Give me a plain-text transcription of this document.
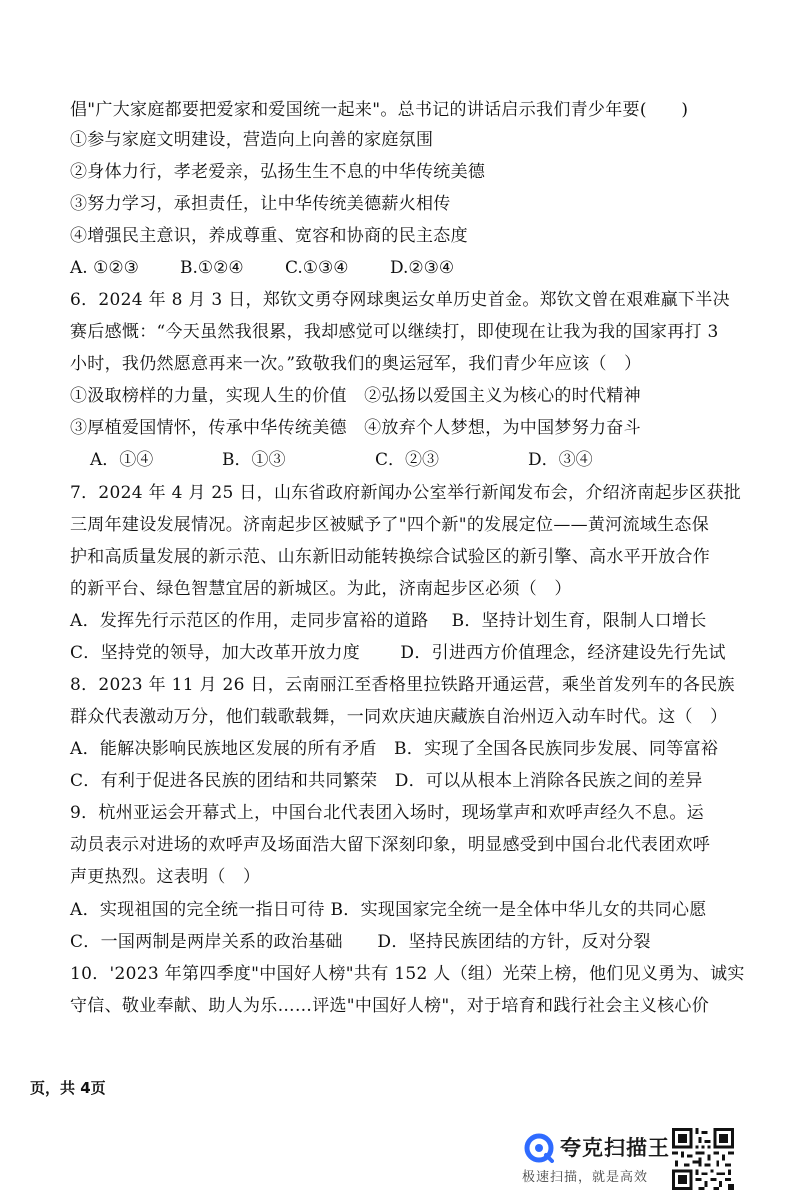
倡"广大家庭都要把爱家和爱国统一起来"。总书记的讲话启示我们青少年要(　　)
①参与家庭文明建设，营造向上向善的家庭氛围
②身体力行，孝老爱亲，弘扬生生不息的中华传统美德
③努力学习，承担责任，让中华传统美德薪火相传
④增强民主意识，养成尊重、宽容和协商的民主态度
A. ①②③ B.①②④ C.①③④ D.②③④
6．2024 年 8 月 3 日，郑钦文勇夺网球奥运女单历史首金。郑钦文曾在艰难赢下半决
赛后感慨：“今天虽然我很累，我却感觉可以继续打，即使现在让我为我的国家再打 3
小时，我仍然愿意再来一次。”致敬我们的奥运冠军，我们青少年应该（　）
①汲取榜样的力量，实现人生的价值　②弘扬以爱国主义为核心的时代精神
③厚植爱国情怀，传承中华传统美德　④放弃个人梦想，为中国梦努力奋斗
A．①④	B．①③	C．②③	D．③④
7．2024 年 4 月 25 日，山东省政府新闻办公室举行新闻发布会，介绍济南起步区获批
三周年建设发展情况。济南起步区被赋予了"四个新"的发展定位——黄河流域生态保
护和高质量发展的新示范、山东新旧动能转换综合试验区的新引擎、高水平开放合作
的新平台、绿色智慧宜居的新城区。为此，济南起步区必须（　）
A．发挥先行示范区的作用，走同步富裕的道路　 B．坚持计划生育，限制人口增长
C．坚持党的领导，加大改革开放力度　　 D．引进西方价值理念，经济建设先行先试
8．2023 年 11 月 26 日，云南丽江至香格里拉铁路开通运营，乘坐首发列车的各民族
群众代表激动万分，他们载歌载舞，一同欢庆迪庆藏族自治州迈入动车时代。这（　）
A．能解决影响民族地区发展的所有矛盾　B．实现了全国各民族同步发展、同等富裕
C．有利于促进各民族的团结和共同繁荣　D．可以从根本上消除各民族之间的差异
9．杭州亚运会开幕式上，中国台北代表团入场时，现场掌声和欢呼声经久不息。运
动员表示对进场的欢呼声及场面浩大留下深刻印象，明显感受到中国台北代表团欢呼
声更热烈。这表明（　）
A．实现祖国的完全统一指日可待 B．实现国家完全统一是全体中华儿女的共同心愿
C．一国两制是两岸关系的政治基础　　D．坚持民族团结的方针，反对分裂
10．'2023 年第四季度"中国好人榜"共有 152 人（组）光荣上榜，他们见义勇为、诚实
守信、敬业奉献、助人为乐……评选"中国好人榜"，对于培育和践行社会主义核心价
页，共 4页
夸克扫描王
极速扫描，就是高效
